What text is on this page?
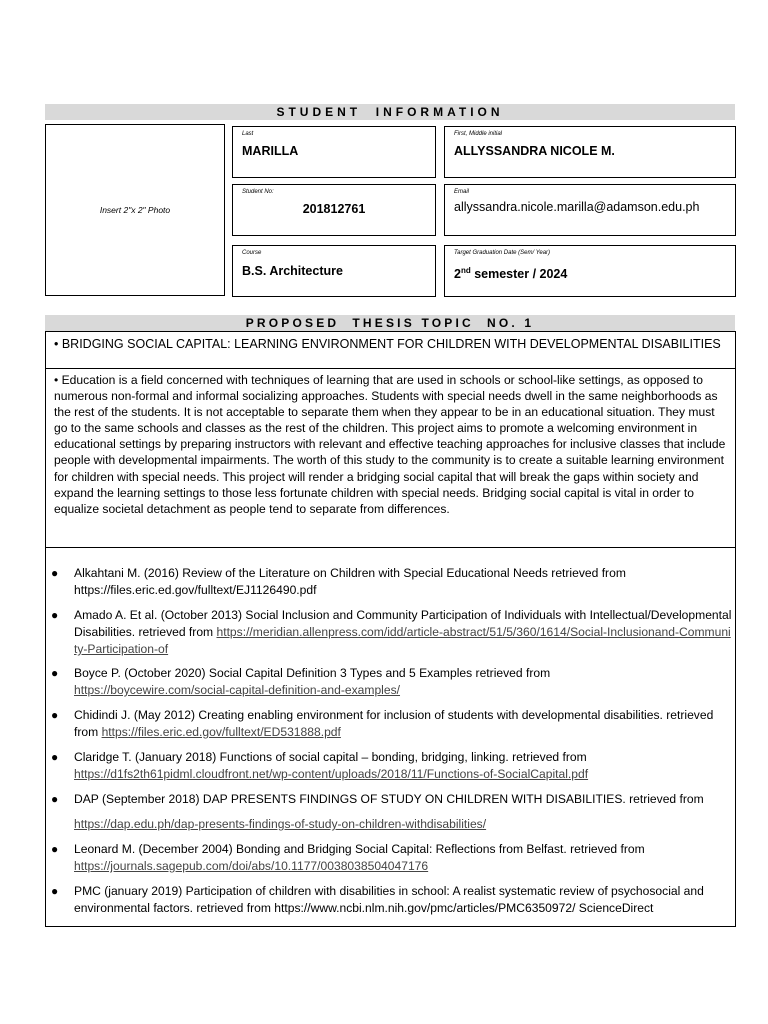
STUDENT  INFORMATION
Insert 2"x 2" Photo
Last
MARILLA
First, Middle initial
ALLYSSANDRA NICOLE M.
Student No:
201812761
Email
allyssandra.nicole.marilla@adamson.edu.ph
Course
B.S. Architecture
Target Graduation Date (Sem/ Year)
2nd semester / 2024
PROPOSED  THESIS TOPIC  NO. 1
• BRIDGING SOCIAL CAPITAL: LEARNING ENVIRONMENT FOR CHILDREN WITH DEVELOPMENTAL DISABILITIES
• Education is a field concerned with techniques of learning that are used in schools or school-like settings, as opposed to numerous non-formal and informal socializing approaches. Students with special needs dwell in the same neighborhoods as the rest of the students. It is not acceptable to separate them when they appear to be in an educational situation. They must go to the same schools and classes as the rest of the children. This project aims to promote a welcoming environment in educational settings by preparing instructors with relevant and effective teaching approaches for inclusive classes that include people with developmental impairments. The worth of this study to the community is to create a suitable learning environment for children with special needs. This project will render a bridging social capital that will break the gaps within society and expand the learning settings to those less fortunate children with special needs. Bridging social capital is vital in order to equalize societal detachment as people tend to separate from differences.
● Alkahtani M. (2016) Review of the Literature on Children with Special Educational Needs retrieved from https://files.eric.ed.gov/fulltext/EJ1126490.pdf
● Amado A. Et al. (October 2013) Social Inclusion and Community Participation of Individuals with Intellectual/Developmental Disabilities. retrieved from https://meridian.allenpress.com/idd/article-abstract/51/5/360/1614/Social-Inclusionand-Community-Participation-of
● Boyce P. (October 2020) Social Capital Definition 3 Types and 5 Examples retrieved from
https://boycewire.com/social-capital-definition-and-examples/
● Chidindi J. (May 2012) Creating enabling environment for inclusion of students with developmental disabilities. retrieved from https://files.eric.ed.gov/fulltext/ED531888.pdf
● Claridge T. (January 2018) Functions of social capital – bonding, bridging, linking. retrieved from
https://d1fs2th61pidml.cloudfront.net/wp-content/uploads/2018/11/Functions-of-SocialCapital.pdf
● DAP (September 2018) DAP PRESENTS FINDINGS OF STUDY ON CHILDREN WITH DISABILITIES. retrieved from
https://dap.edu.ph/dap-presents-findings-of-study-on-children-withdisabilities/
● Leonard M. (December 2004) Bonding and Bridging Social Capital: Reflections from Belfast. retrieved from
https://journals.sagepub.com/doi/abs/10.1177/0038038504047176
● PMC (january 2019) Participation of children with disabilities in school: A realist systematic review of psychosocial and environmental factors. retrieved from https://www.ncbi.nlm.nih.gov/pmc/articles/PMC6350972/ ScienceDirect
